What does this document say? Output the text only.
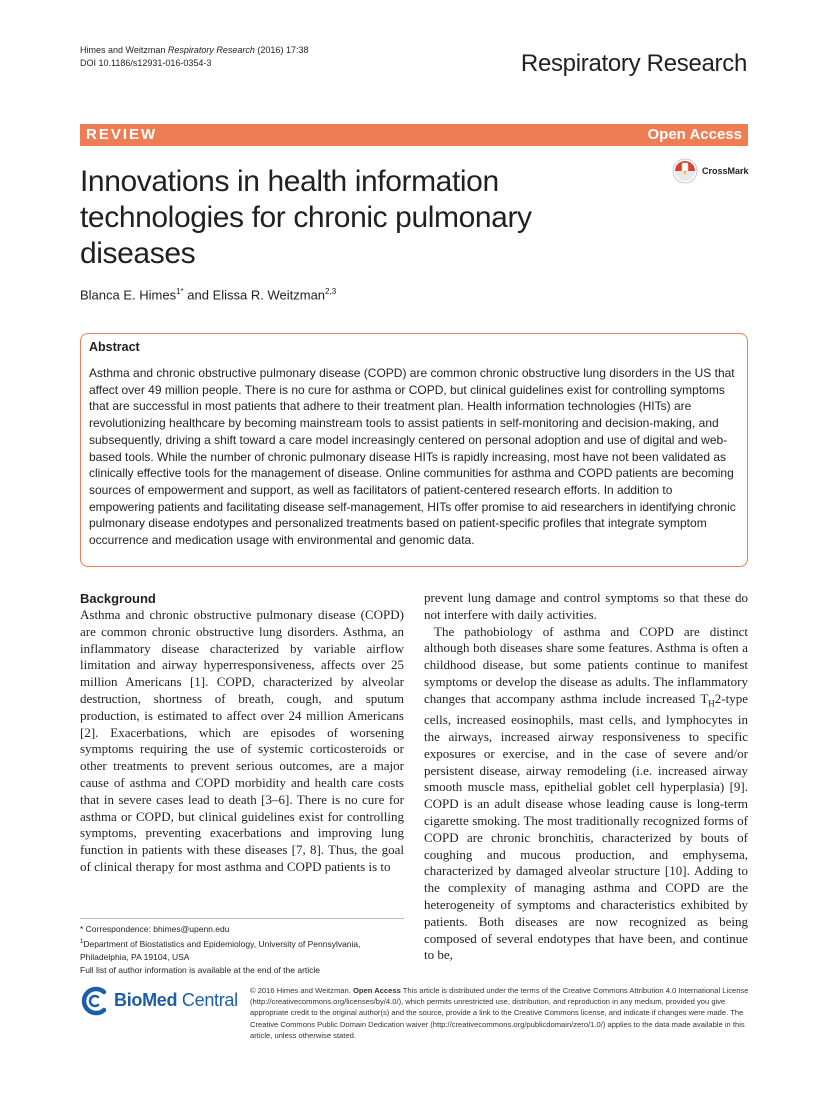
Himes and Weitzman Respiratory Research (2016) 17:38
DOI 10.1186/s12931-016-0354-3	Respiratory Research
REVIEW	Open Access
Innovations in health information technologies for chronic pulmonary diseases
CrossMark
Blanca E. Himes$^{1*}$ and Elissa R. Weitzman$^{2,3}$
Abstract
Asthma and chronic obstructive pulmonary disease (COPD) are common chronic obstructive lung disorders in the US that affect over 49 million people. There is no cure for asthma or COPD, but clinical guidelines exist for controlling symptoms that are successful in most patients that adhere to their treatment plan. Health information technologies (HITs) are revolutionizing healthcare by becoming mainstream tools to assist patients in self-monitoring and decision-making, and subsequently, driving a shift toward a care model increasingly centered on personal adoption and use of digital and web-based tools. While the number of chronic pulmonary disease HITs is rapidly increasing, most have not been validated as clinically effective tools for the management of disease. Online communities for asthma and COPD patients are becoming sources of empowerment and support, as well as facilitators of patient-centered research efforts. In addition to empowering patients and facilitating disease self-management, HITs offer promise to aid researchers in identifying chronic pulmonary disease endotypes and personalized treatments based on patient-specific profiles that integrate symptom occurrence and medication usage with environmental and genomic data.
Background
Asthma and chronic obstructive pulmonary disease (COPD) are common chronic obstructive lung disorders. Asthma, an inflammatory disease characterized by variable airflow limitation and airway hyperresponsiveness, affects over 25 million Americans [1]. COPD, characterized by alveolar destruction, shortness of breath, cough, and sputum production, is estimated to affect over 24 million Americans [2]. Exacerbations, which are episodes of worsening symptoms requiring the use of systemic corticosteroids or other treatments to prevent serious outcomes, are a major cause of asthma and COPD morbidity and health care costs that in severe cases lead to death [3–6]. There is no cure for asthma or COPD, but clinical guidelines exist for controlling symptoms, preventing exacerbations and improving lung function in patients with these diseases [7, 8]. Thus, the goal of clinical therapy for most asthma and COPD patients is to
prevent lung damage and control symptoms so that these do not interfere with daily activities.
The pathobiology of asthma and COPD are distinct although both diseases share some features. Asthma is often a childhood disease, but some patients continue to manifest symptoms or develop the disease as adults. The inflammatory changes that accompany asthma include increased $T_H2$-type cells, increased eosinophils, mast cells, and lymphocytes in the airways, increased airway responsiveness to specific exposures or exercise, and in the case of severe and/or persistent disease, airway remodeling (i.e. increased airway smooth muscle mass, epithelial goblet cell hyperplasia) [9]. COPD is an adult disease whose leading cause is long-term cigarette smoking. The most traditionally recognized forms of COPD are chronic bronchitis, characterized by bouts of coughing and mucous production, and emphysema, characterized by damaged alveolar structure [10]. Adding to the complexity of managing asthma and COPD are the heterogeneity of symptoms and characteristics exhibited by patients. Both diseases are now recognized as being composed of several endotypes that have been, and continue to be,
* Correspondence: bhimes@upenn.edu
$^1$Department of Biostatistics and Epidemiology, University of Pennsylvania, Philadelphia, PA 19104, USA
Full list of author information is available at the end of the article
BioMed Central © 2016 Himes and Weitzman. Open Access This article is distributed under the terms of the Creative Commons Attribution 4.0 International License (http://creativecommons.org/licenses/by/4.0/), which permits unrestricted use, distribution, and reproduction in any medium, provided you give appropriate credit to the original author(s) and the source, provide a link to the Creative Commons license, and indicate if changes were made. The Creative Commons Public Domain Dedication waiver (http://creativecommons.org/publicdomain/zero/1.0/) applies to the data made available in this article, unless otherwise stated.
